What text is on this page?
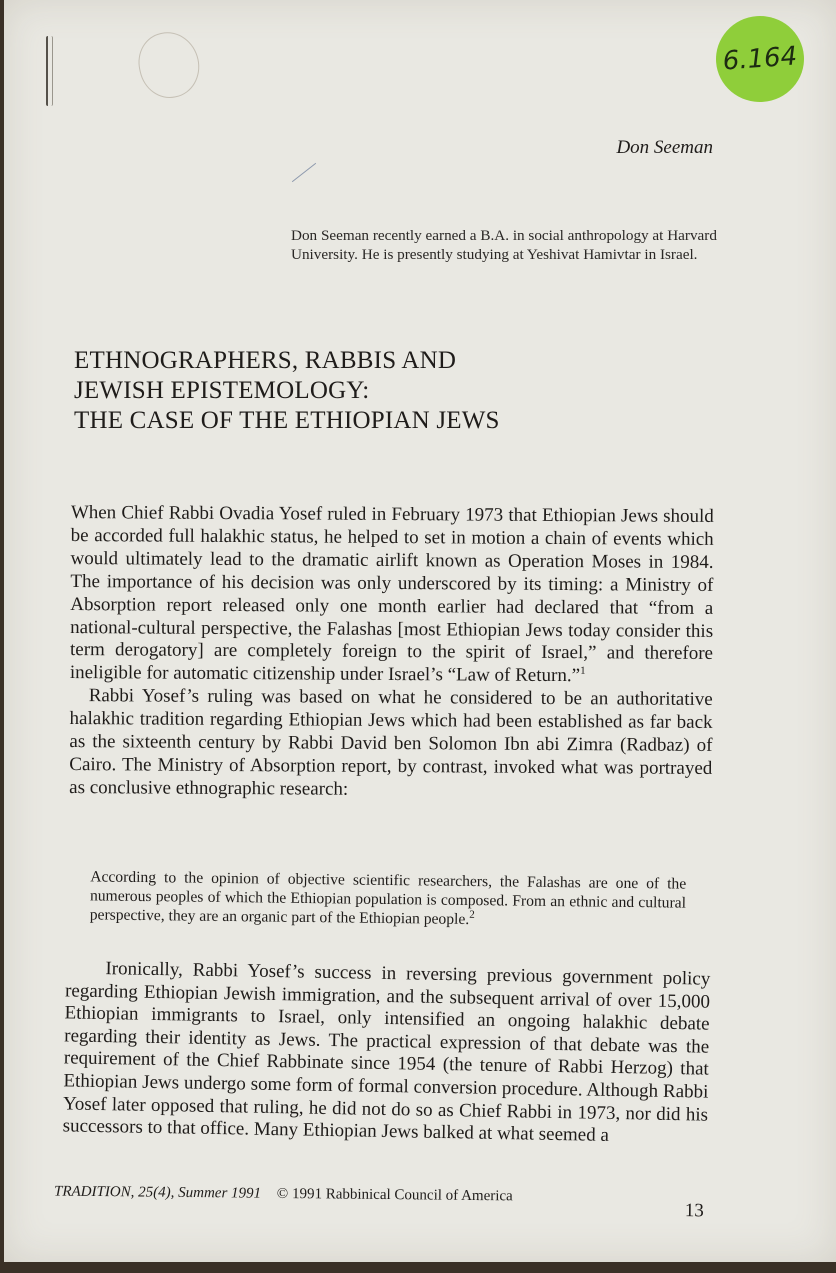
6.164
Don Seeman
Don Seeman recently earned a B.A. in social anthropology at Harvard University. He is presently studying at Yeshivat Hamivtar in Israel.
ETHNOGRAPHERS, RABBIS AND
JEWISH EPISTEMOLOGY:
THE CASE OF THE ETHIOPIAN JEWS

When Chief Rabbi Ovadia Yosef ruled in February 1973 that Ethiopian Jews should be accorded full halakhic status, he helped to set in motion a chain of events which would ultimately lead to the dramatic airlift known as Operation Moses in 1984. The importance of his decision was only underscored by its timing: a Ministry of Absorption report released only one month earlier had declared that “from a national-cultural perspective, the Falashas [most Ethiopian Jews today consider this term derogatory] are completely foreign to the spirit of Israel,” and therefore ineligible for automatic citizenship under Israel’s “Law of Return.”$^1$

Rabbi Yosef’s ruling was based on what he considered to be an authoritative halakhic tradition regarding Ethiopian Jews which had been established as far back as the sixteenth century by Rabbi David ben Solomon Ibn abi Zimra (Radbaz) of Cairo. The Ministry of Absorption report, by contrast, invoked what was portrayed as conclusive ethnographic research:

According to the opinion of objective scientific researchers, the Falashas are one of the numerous peoples of which the Ethiopian population is composed. From an ethnic and cultural perspective, they are an organic part of the Ethiopian people.$^2$

Ironically, Rabbi Yosef’s success in reversing previous government policy regarding Ethiopian Jewish immigration, and the subsequent arrival of over 15,000 Ethiopian immigrants to Israel, only intensified an ongoing halakhic debate regarding their identity as Jews. The practical expression of that debate was the requirement of the Chief Rabbinate since 1954 (the tenure of Rabbi Herzog) that Ethiopian Jews undergo some form of formal conversion procedure. Although Rabbi Yosef later opposed that ruling, he did not do so as Chief Rabbi in 1973, nor did his successors to that office. Many Ethiopian Jews balked at what seemed a

TRADITION, 25(4), Summer 1991 © 1991 Rabbinical Council of America
13
